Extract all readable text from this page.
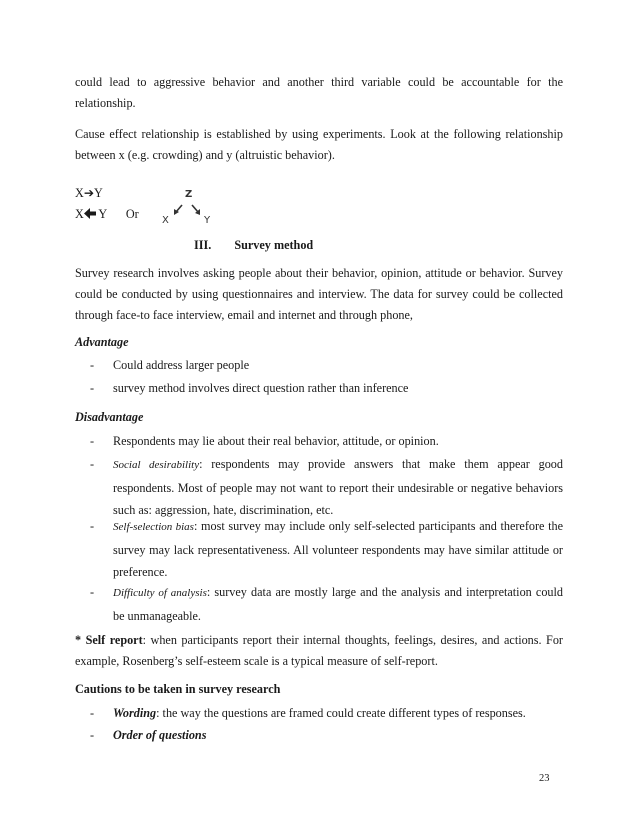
could lead to aggressive behavior and another third variable could be accountable for the relationship.

Cause effect relationship is established by using experiments. Look at the following relationship between x (e.g. crowding) and y (altruistic behavior).

X➔Y
X Y Or
Z
X	Y
III. Survey method

Survey research involves asking people about their behavior, opinion, attitude or behavior. Survey could be conducted by using questionnaires and interview. The data for survey could be collected through face-to face interview, email and internet and through phone,

Advantage
- Could address larger people

- survey method involves direct question rather than inference

Disadvantage
- Respondents may lie about their real behavior, attitude, or opinion.

- Social desirability: respondents may provide answers that make them appear good respondents. Most of people may not want to report their undesirable or negative behaviors such as: aggression, hate, discrimination, etc.

- Self-selection bias: most survey may include only self-selected participants and therefore the survey may lack representativeness. All volunteer respondents may have similar attitude or preference.

- Difficulty of analysis: survey data are mostly large and the analysis and interpretation could be unmanageable.

* Self report: when participants report their internal thoughts, feelings, desires, and actions. For example, Rosenberg’s self-esteem scale is a typical measure of self-report.

Cautions to be taken in survey research
- Wording: the way the questions are framed could create different types of responses.

- Order of questions

23
